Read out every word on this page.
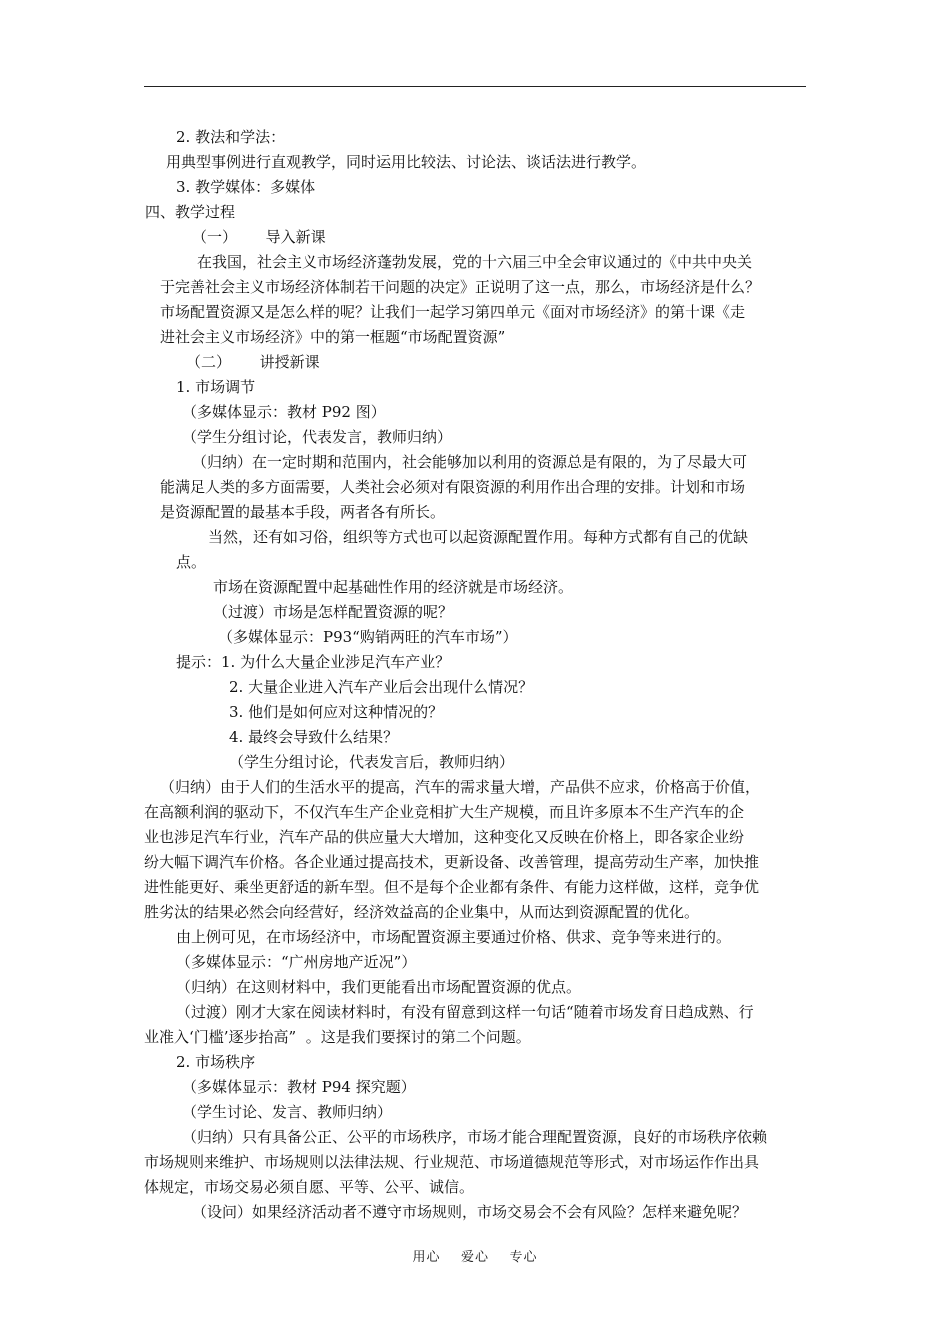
2. 教法和学法：
用典型事例进行直观教学，同时运用比较法、讨论法、谈话法进行教学。
3. 教学媒体：多媒体
四、教学过程
（一）      导入新课
在我国，社会主义市场经济蓬勃发展，党的十六届三中全会审议通过的《中共中央关
于完善社会主义市场经济体制若干问题的决定》正说明了这一点，那么，市场经济是什么？
市场配置资源又是怎么样的呢？让我们一起学习第四单元《面对市场经济》的第十课《走
进社会主义市场经济》中的第一框题“市场配置资源”
（二）      讲授新课
1. 市场调节
（多媒体显示：教材 P92 图）
（学生分组讨论，代表发言，教师归纳）
（归纳）在一定时期和范围内，社会能够加以利用的资源总是有限的，为了尽最大可
能满足人类的多方面需要，人类社会必须对有限资源的利用作出合理的安排。计划和市场
是资源配置的最基本手段，两者各有所长。
当然，还有如习俗，组织等方式也可以起资源配置作用。每种方式都有自己的优缺
点。
市场在资源配置中起基础性作用的经济就是市场经济。
（过渡）市场是怎样配置资源的呢？
（多媒体显示：P93“购销两旺的汽车市场”）
提示：1. 为什么大量企业涉足汽车产业？
2. 大量企业进入汽车产业后会出现什么情况？
3. 他们是如何应对这种情况的？
4. 最终会导致什么结果？
（学生分组讨论，代表发言后，教师归纳）
（归纳）由于人们的生活水平的提高，汽车的需求量大增，产品供不应求，价格高于价值，
在高额利润的驱动下，不仅汽车生产企业竞相扩大生产规模，而且许多原本不生产汽车的企
业也涉足汽车行业，汽车产品的供应量大大增加，这种变化又反映在价格上，即各家企业纷
纷大幅下调汽车价格。各企业通过提高技术，更新设备、改善管理，提高劳动生产率，加快推
进性能更好、乘坐更舒适的新车型。但不是每个企业都有条件、有能力这样做，这样，竞争优
胜劣汰的结果必然会向经营好，经济效益高的企业集中，从而达到资源配置的优化。
由上例可见，在市场经济中，市场配置资源主要通过价格、供求、竞争等来进行的。
（多媒体显示：“广州房地产近况”）
（归纳）在这则材料中，我们更能看出市场配置资源的优点。
（过渡）刚才大家在阅读材料时，有没有留意到这样一句话“随着市场发育日趋成熟、行
业准入‘门槛’逐步抬高”  。这是我们要探讨的第二个问题。
2. 市场秩序
（多媒体显示：教材 P94 探究题）
（学生讨论、发言、教师归纳）
（归纳）只有具备公正、公平的市场秩序，市场才能合理配置资源，良好的市场秩序依赖
市场规则来维护、市场规则以法律法规、行业规范、市场道德规范等形式，对市场运作作出具
体规定，市场交易必须自愿、平等、公平、诚信。
（设问）如果经济活动者不遵守市场规则，市场交易会不会有风险？怎样来避免呢？
用心    爱心    专心
